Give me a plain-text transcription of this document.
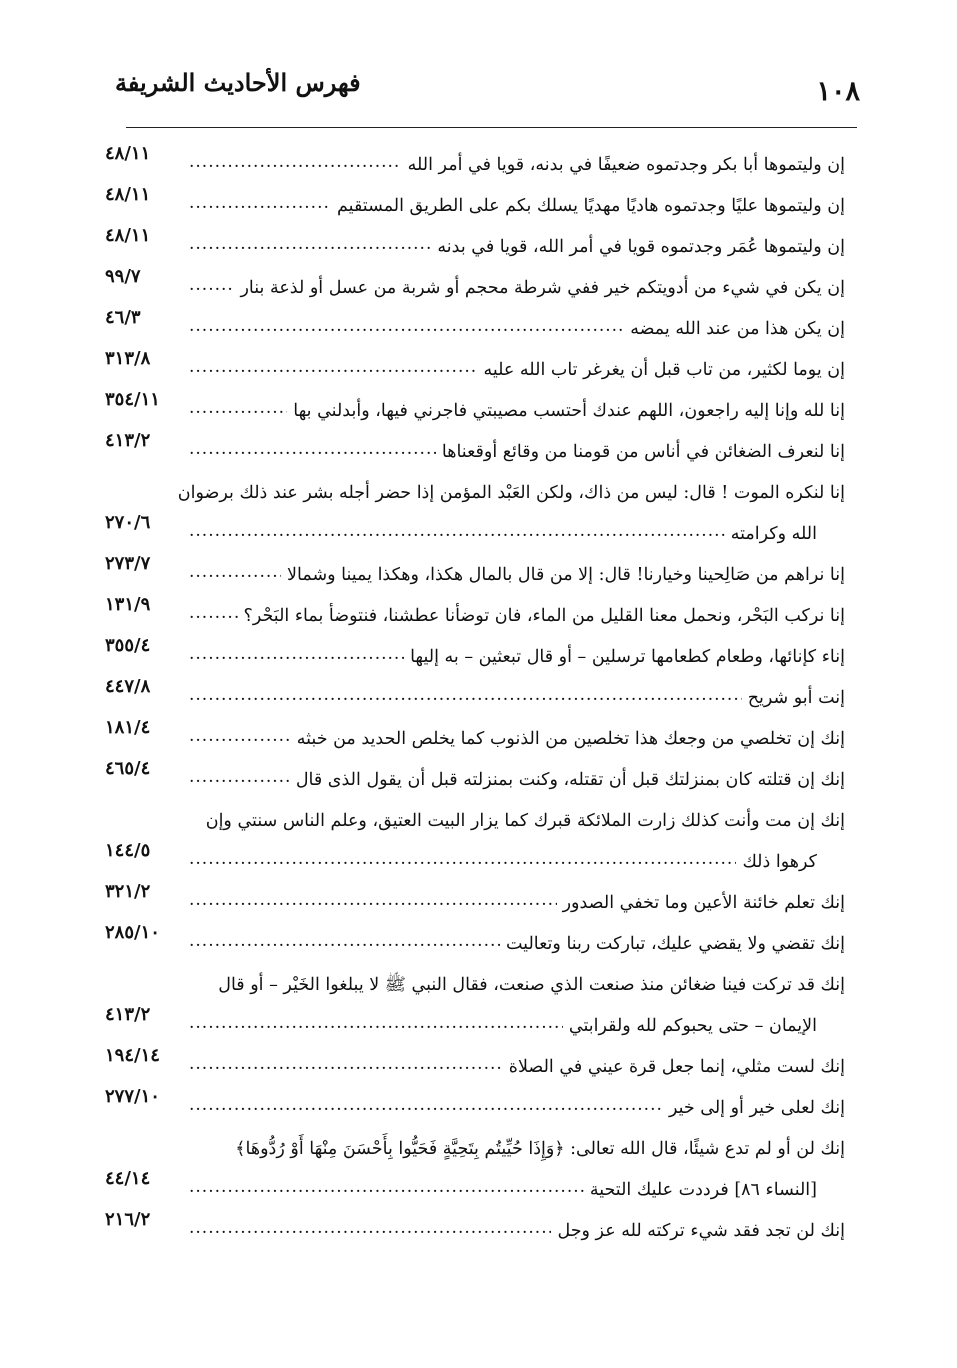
فهرس الأحاديث الشريفة	١٠٨
إن وليتموها أبا بكر وجدتموه ضعيفًا في بدنه، قويا في أمر الله
.....
٤٨/١١
إن وليتموها عليًا وجدتموه هاديًا مهديًا يسلك بكم على الطريق المستقيم
.....
٤٨/١١
إن وليتموها عُمَر وجدتموه قويا في أمر الله، قويا في بدنه
.....
٤٨/١١
إن يكن في شيء من أدويتكم خير ففي شرطة محجم أو شربة من عسل أو لذعة بنار
.....
٩٩/٧
إن يكن هذا من عند الله يمضه
.....
٤٦/٣
إن يوما لكثير، من تاب قبل أن يغرغر تاب الله عليه
.....
٣١٣/٨
إنا لله وإنا إليه راجعون، اللهم عندك أحتسب مصيبتي فاجرني فيها، وأبدلني بها
.....
٣٥٤/١١
إنا لنعرف الضغائن في أناس من قومنا من وقائع أوقعناها
.....
٤١٣/٢
إنا لنكره الموت ! قال: ليس من ذاك، ولكن العَبْد المؤمن إذا حضر أجله بشر عند ذلك برضوان
الله وكرامته
.....
٢٧٠/٦
إنا نراهم من صَالِحينا وخيارنا! قال: إلا من قال بالمال هكذا، وهكذا يمينا وشمالا
.....
٢٧٣/٧
إنا نركب البَحْر، ونحمل معنا القليل من الماء، فان توضأنا عطشنا، فنتوضأ بماء البَحْر؟
.....
١٣١/٩
إناء كإنائها، وطعام كطعامها ترسلين – أو قال تبعثين – به إليها
.....
٣٥٥/٤
إنت أبو شريح
.....
٤٤٧/٨
إنك إن تخلصي من وجعك هذا تخلصين من الذنوب كما يخلص الحديد من خبثه
.....
١٨١/٤
إنك إن قتلته كان بمنزلتك قبل أن تقتله، وكنت بمنزلته قبل أن يقول الذى قال
.....
٤٦٥/٤
إنك إن مت وأنت كذلك زارت الملائكة قبرك كما يزار البيت العتيق، وعلم الناس سنتي وإن
كرهوا ذلك
.....
١٤٤/٥
إنك تعلم خائنة الأعين وما تخفي الصدور
.....
٣٢١/٢
إنك تقضي ولا يقضي عليك، تباركت ربنا وتعاليت
.....
٢٨٥/١٠
إنك قد تركت فينا ضغائن منذ صنعت الذي صنعت، فقال النبي ﷺ لا يبلغوا الخَيْر – أو قال
الإيمان – حتى يحبوكم لله ولقرابتي
.....
٤١٣/٢
إنك لست مثلي، إنما جعل قرة عيني في الصلاة
.....
١٩٤/١٤
إنك لعلى خير أو إلى خير
.....
٢٧٧/١٠
إنك لن أو لم تدع شيئًا، قال الله تعالى: ﴿وَإِذَا حُيِّيتُم بِتَحِيَّةٍ فَحَيُّوا بِأَحْسَنَ مِنْهَا أَوْ رُدُّوهَا﴾
[النساء ٨٦] فرددت عليك التحية
.....
٤٤/١٤
إنك لن تجد فقد شيء تركته لله عز وجل
.....
٢١٦/٢
